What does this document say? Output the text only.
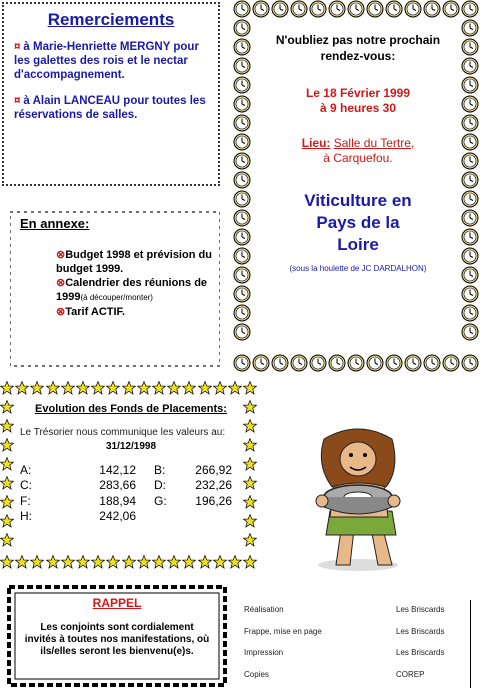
Remerciements

¤ à Marie-Henriette MERGNY pour les galettes des rois et le nectar d'accompagnement.

¤ à Alain LANCEAU pour toutes les réservations de salles.

En annexe:
⊗Budget 1998 et prévision du budget 1999.
⊗Calendrier des réunions de 1999(à découper/monter)
⊗Tarif ACTIF.

N'oubliez pas notre prochain rendez-vous:

Le 18 Février 1999
à 9 heures 30

Lieu: Salle du Tertre,
à Carquefou.

Viticulture en Pays de la Loire

(sous la houlette de JC DARDALHON)

Evolution des Fonds de Placements:

Le Trésorier nous communique les valeurs au:

31/12/1998

A:	142,12	B:	266,92
C:	283,66	D:	232,26
F:	188,94	G:	196,26
H:	242,06		
RAPPEL

Les conjoints sont cordialement invités à toutes nos manifestations, où ils/elles seront les bienvenu(e)s.

Réalisation	Les Briscards
Frappe, mise en page	Les Briscards
Impression	Les Briscards
Copies	COREP
